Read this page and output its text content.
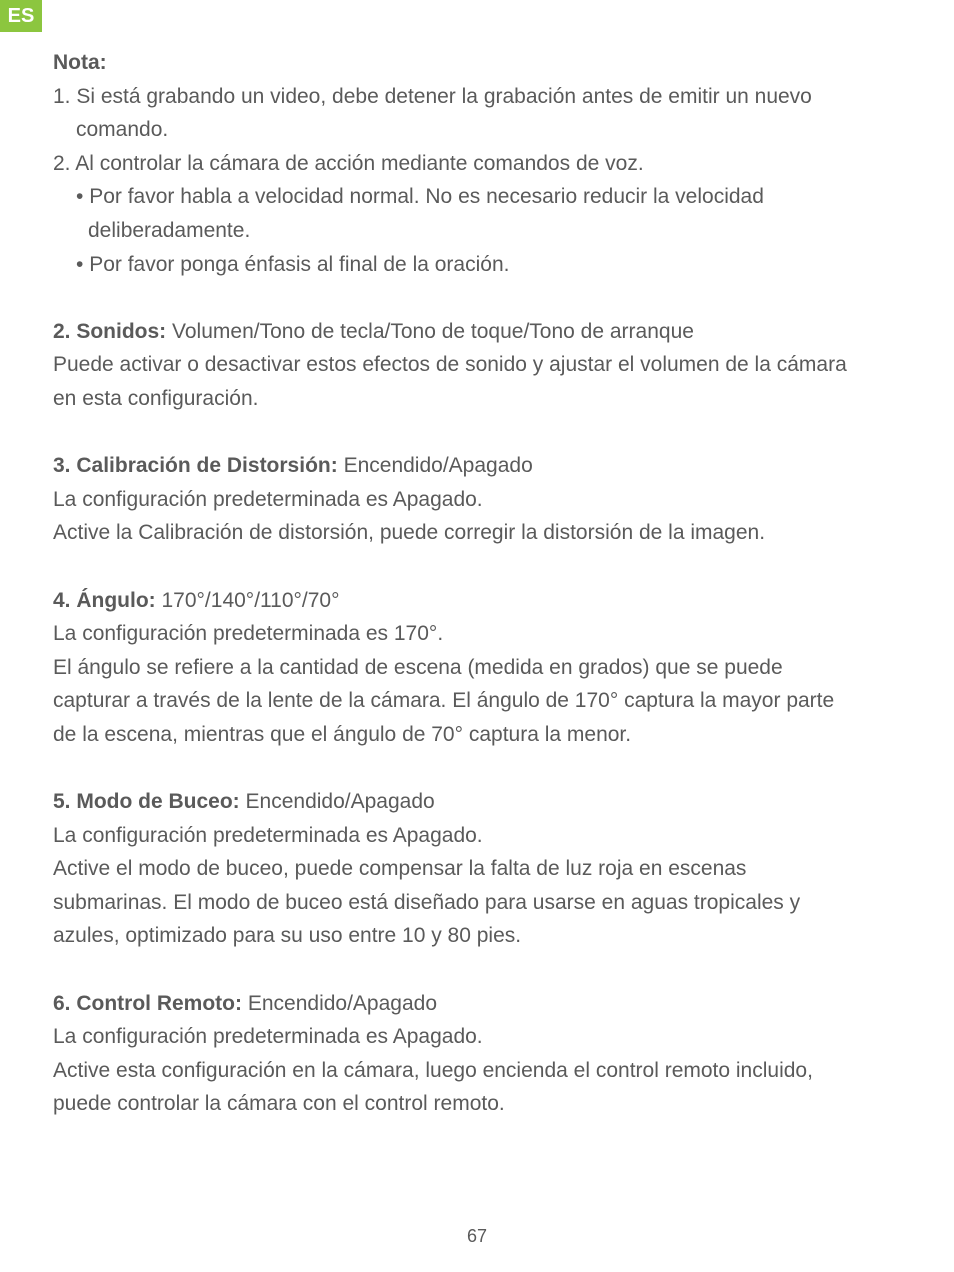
ES
Nota:
1. Si está grabando un video, debe detener la grabación antes de emitir un nuevo
comando.
2. Al controlar la cámara de acción mediante comandos de voz.
• Por favor habla a velocidad normal. No es necesario reducir la velocidad
deliberadamente.
• Por favor ponga énfasis al final de la oración.
2. Sonidos: Volumen/Tono de tecla/Tono de toque/Tono de arranque
Puede activar o desactivar estos efectos de sonido y ajustar el volumen de la cámara
en esta configuración.
3. Calibración de Distorsión: Encendido/Apagado
La configuración predeterminada es Apagado.
Active la Calibración de distorsión, puede corregir la distorsión de la imagen.
4. Ángulo: 170°/140°/110°/70°
La configuración predeterminada es 170°.
El ángulo se refiere a la cantidad de escena (medida en grados) que se puede
capturar a través de la lente de la cámara. El ángulo de 170° captura la mayor parte
de la escena, mientras que el ángulo de 70° captura la menor.
5. Modo de Buceo: Encendido/Apagado
La configuración predeterminada es Apagado.
Active el modo de buceo, puede compensar la falta de luz roja en escenas
submarinas. El modo de buceo está diseñado para usarse en aguas tropicales y
azules, optimizado para su uso entre 10 y 80 pies.
6. Control Remoto: Encendido/Apagado
La configuración predeterminada es Apagado.
Active esta configuración en la cámara, luego encienda el control remoto incluido,
puede controlar la cámara con el control remoto.
67
